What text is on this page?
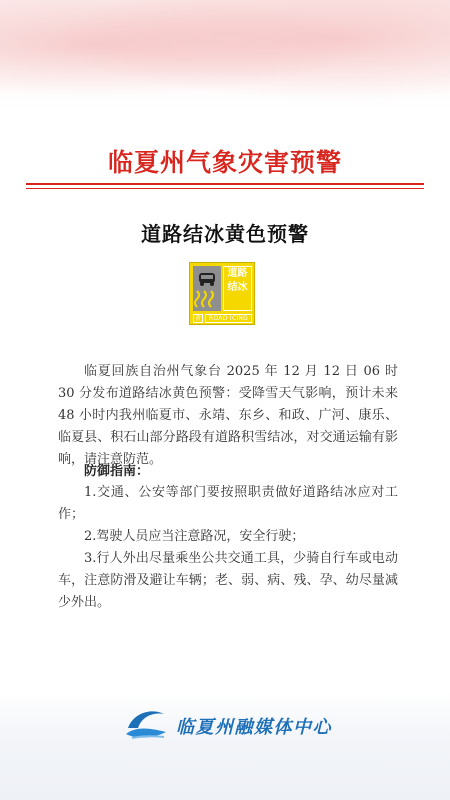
临夏州气象灾害预警
道路结冰黄色预警
道路结冰
黄	ROAD ICING

临夏回族自治州气象台 2025 年 12 月 12 日 06 时 30 分发布道路结冰黄色预警：受降雪天气影响，预计未来 48 小时内我州临夏市、永靖、东乡、和政、广河、康乐、临夏县、积石山部分路段有道路积雪结冰，对交通运输有影响，请注意防范。

防御指南：

1.交通、公安等部门要按照职责做好道路结冰应对工作；

2.驾驶人员应当注意路况，安全行驶；

3.行人外出尽量乘坐公共交通工具，少骑自行车或电动车，注意防滑及避让车辆；老、弱、病、残、孕、幼尽量减少外出。

临夏州融媒体中心
